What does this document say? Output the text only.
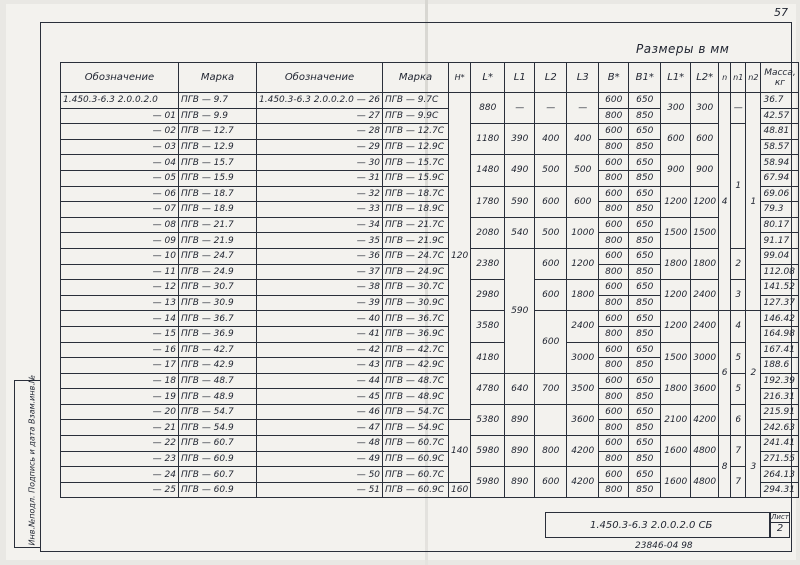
57
Инв.№подл. Подпись и дата Взам.инв.№
Размеры в мм
Обозначение	Марка	Обозначение	Марка	H*	L*	L1	L2	L3	B*	B1*	L1*	L2*	n	n1	n2	Масса, кг
1.450.3-6.3 2.0.0.2.0	ПГВ — 9.7	1.450.3-6.3 2.0.0.2.0 — 26	ПГВ — 9.7С	120	880	—	—	—	600	650	300	300	4	—	1	36.7
— 01	ПГВ — 9.9	— 27	ПГВ — 9.9С						800	850						42.57
— 02	ПГВ — 12.7	— 28	ПГВ — 12.7С		1180	390	400	400	600	650	600	600		1		48.81
— 03	ПГВ — 12.9	— 29	ПГВ — 12.9С						800	850						58.57
— 04	ПГВ — 15.7	— 30	ПГВ — 15.7С		1480	490	500	500	600	650	900	900				58.94
— 05	ПГВ — 15.9	— 31	ПГВ — 15.9С						800	850						67.94
— 06	ПГВ — 18.7	— 32	ПГВ — 18.7С		1780	590	600	600	600	650	1200	1200				69.06
— 07	ПГВ — 18.9	— 33	ПГВ — 18.9С						800	850						79.3
— 08	ПГВ — 21.7	— 34	ПГВ — 21.7С		2080	540	500	1000	600	650	1500	1500				80.17
— 09	ПГВ — 21.9	— 35	ПГВ — 21.9С						800	850						91.17
— 10	ПГВ — 24.7	— 36	ПГВ — 24.7С		2380	590	600	1200	600	650	1800	1800		2		99.04
— 11	ПГВ — 24.9	— 37	ПГВ — 24.9С						800	850						112.08
— 12	ПГВ — 30.7	— 38	ПГВ — 30.7С		2980		600	1800	600	650	1200	2400		3		141.52
— 13	ПГВ — 30.9	— 39	ПГВ — 30.9С						800	850						127.37
— 14	ПГВ — 36.7	— 40	ПГВ — 36.7С		3580		600	2400	600	650	1200	2400	6	4	2	146.42
— 15	ПГВ — 36.9	— 41	ПГВ — 36.9С						800	850						164.98
— 16	ПГВ — 42.7	— 42	ПГВ — 42.7С		4180			3000	600	650	1500	3000		5		167.41
— 17	ПГВ — 42.9	— 43	ПГВ — 42.9С						800	850						188.6
— 18	ПГВ — 48.7	— 44	ПГВ — 48.7С		4780	640	700	3500	600	650	1800	3600		5		192.39
— 19	ПГВ — 48.9	— 45	ПГВ — 48.9С						800	850						216.31
— 20	ПГВ — 54.7	— 46	ПГВ — 54.7С		5380	890		3600	600	650	2100	4200		6		215.91
— 21	ПГВ — 54.9	— 47	ПГВ — 54.9С	140					800	850						242.63
— 22	ПГВ — 60.7	— 48	ПГВ — 60.7С		5980	890	800	4200	600	650	1600	4800	8	7	3	241.41
— 23	ПГВ — 60.9	— 49	ПГВ — 60.9С						800	850						271.55
— 24	ПГВ — 60.7	— 50	ПГВ — 60.7С		5980	890	600	4200	600	650	1600	4800		7		264.13
— 25	ПГВ — 60.9	— 51	ПГВ — 60.9С	160					800	850						294.31
1.450.3-6.3 2.0.0.2.0 СБ
Лист
2
23846-04 98
